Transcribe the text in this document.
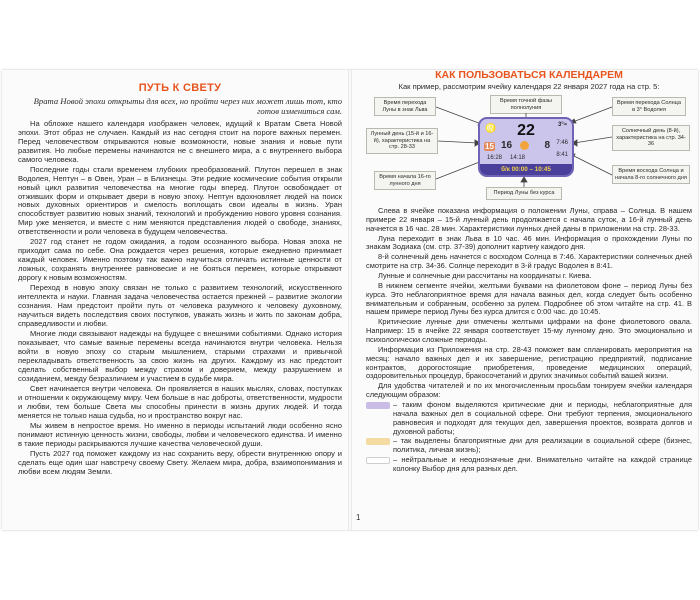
ПУТЬ К СВЕТУ
Врата Новой эпохи открыты для всех, но пройти через них может лишь тот, кто готов измениться сам.

На обложке нашего календаря изображен человек, идущий к Вратам Света Новой эпохи. Этот образ не случаен. Каждый из нас сегодня стоит на пороге важных перемен. Перед человечеством открываются новые возможности, новые знания и новые пути развития. Но любые перемены начинаются не с внешнего мира, а с внутреннего выбора самого человека.

Последние годы стали временем глубоких преобразований. Плутон перешел в знак Водолея, Нептун – в Овен, Уран – в Близнецы. Эти редкие космические события открыли новый цикл развития человечества на многие годы вперед. Плутон освобождает от отживших форм и открывает двери в новую эпоху. Нептун вдохновляет людей на поиск новых духовных ориентиров и смелость воплощать свои идеалы в жизнь. Уран способствует развитию новых знаний, технологий и пробуждению нового уровня сознания. Мир уже меняется, и вместе с ним меняются представления людей о свободе, знаниях, ответственности и роли человека в будущем человечества.

2027 год станет не годом ожидания, а годом осознанного выбора. Новая эпоха не приходит сама по себе. Она рождается через решения, которые ежедневно принимает каждый человек. Именно поэтому так важно научиться отличать истинные ценности от ложных, сохранять внутреннее равновесие и не бояться перемен, которые открывают дорогу к новым возможностям.

Переход в новую эпоху связан не только с развитием технологий, искусственного интеллекта и науки. Главная задача человечества остается прежней – развитие экологии сознания. Нам предстоит пройти путь от человека разумного к человеку духовному, научиться видеть последствия своих поступков, уважать жизнь и жить по законам добра, справедливости и любви.

Многие люди связывают надежды на будущее с внешними событиями. Однако история показывает, что самые важные перемены всегда начинаются внутри человека. Нельзя войти в новую эпоху со старым мышлением, старыми страхами и привычкой перекладывать ответственность за свою жизнь на других. Каждому из нас предстоит сделать собственный выбор между страхом и доверием, между разрушением и созиданием, между безразличием и участием в судьбе мира.

Свет начинается внутри человека. Он проявляется в наших мыслях, словах, поступках и отношении к окружающему миру. Чем больше в нас доброты, ответственности, мудрости и любви, тем больше Света мы способны принести в жизнь других людей. И тогда меняется не только наша судьба, но и пространство вокруг нас.

Мы живем в непростое время. Но именно в периоды испытаний люди особенно ясно понимают истинную ценность жизни, свободы, любви и человеческого единства. И именно в такие периоды раскрываются лучшие качества человеческой души.

Пусть 2027 год поможет каждому из нас сохранить веру, обрести внутреннюю опору и сделать еще один шаг навстречу своему Свету. Желаем мира, добра, взаимопонимания и любви всем людям Земли.

1
КАК ПОЛЬЗОВАТЬСЯ КАЛЕНДАРЕМ
Как пример, рассмотрим ячейку календаря 22 января 2027 года на стр. 5:
Время перехода Луны в знак Льва
Время точной фазы полнолуния
Время перехода Солнца в 3° Водолея
Лунный день (15-й и 16-й), характеристика на стр. 28-33
Солнечный день (8-й), характеристика на стр. 34-36
Время начала 16-го лунного дня
Время восхода Солнца и начала 8-го солнечного дня
Период Луны без курса
♌	3°≈
22
15 16
16:28 14:18
8 7:46
8:41
б/к 00:00 – 10:45

Слева в ячейке показана информация о положении Луны, справа – Солнца. В нашем примере 22 января – 15-й лунный день продолжается с начала суток, а 16-й лунный день начнется в 16 час. 28 мин. Характеристики лунных дней даны в приложении на стр. 28-33.

Луна переходит в знак Льва в 10 час. 46 мин. Информация о прохождении Луны по знакам Зодиака (см. стр. 37-39) дополнит картину каждого дня.

8-й солнечный день начнется с восходом Солнца в 7:46. Характеристики солнечных дней смотрите на стр. 34-36. Солнце переходит в 3-й градус Водолея в 8:41.

Лунные и солнечные дни рассчитаны на координаты г. Киева.

В нижнем сегменте ячейки, желтыми буквами на фиолетовом фоне – период Луны без курса. Это неблагоприятное время для начала важных дел, когда следует быть особенно внимательным и собранным, особенно за рулем. Подробнее об этом читайте на стр. 41. В нашем примере период Луны без курса длится с 0:00 час. до 10:45.

Критические лунные дни отмечены желтыми цифрами на фоне фиолетового овала. Например: 15 в ячейке 22 января соответствует 15-му лунному дню. Это эмоционально и психологически сложные периоды.

Информация из Приложения на стр. 28-43 поможет вам спланировать мероприятия на месяц: начало важных дел и их завершение, регистрацию предприятий, подписание контрактов, дорогостоящие приобретения, проведение медицинских операций, оздоровительных процедур, бракосочетаний и других значимых событий вашей жизни.

Для удобства читателей и по их многочисленным просьбам тонируем ячейки календаря следующим образом:

– таким фоном выделяются критические дни и периоды, неблагоприятные для начала важных дел в социальной сфере. Они требуют терпения, эмоционального равновесия и подходят для текущих дел, завершения проектов, возврата долгов и духовной работы;
– так выделены благоприятные дни для реализации в социальной сфере (бизнес, политика, личная жизнь);
– нейтральные и неоднозначные дни. Внимательно читайте на каждой странице колонку Выбор дня для разных дел.
